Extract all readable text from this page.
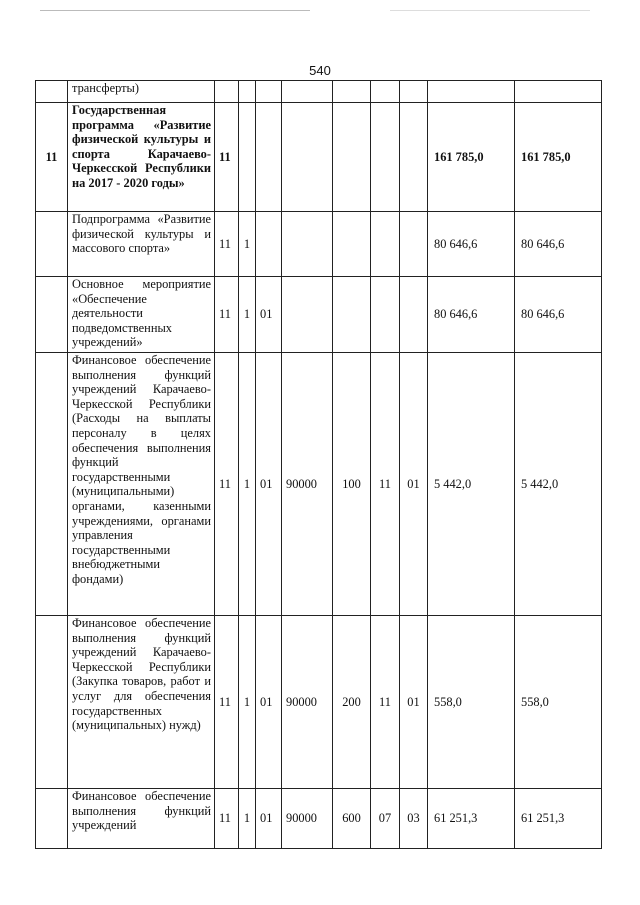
540
	трансферты)									
11	Государственная программа «Развитие физической культуры и спорта Карачаево-Черкесской Республики на 2017 - 2020 годы»	11							161 785,0	161 785,0
	Подпрограмма «Развитие физической культуры и массового спорта»	11	1						80 646,6	80 646,6
	Основное мероприятие «Обеспечение деятельности подведомственных учреждений»	11	1	01					80 646,6	80 646,6
	Финансовое обеспечение выполнения функций учреждений Карачаево-Черкесской Республики (Расходы на выплаты персоналу в целях обеспечения выполнения функций государственными (муниципальными) органами, казенными учреждениями, органами управления государственными внебюджетными фондами)	11	1	01	90000	100	11	01	5 442,0	5 442,0
	Финансовое обеспечение выполнения функций учреждений Карачаево-Черкесской Республики (Закупка товаров, работ и услуг для обеспечения государственных (муниципальных) нужд)	11	1	01	90000	200	11	01	558,0	558,0
	Финансовое обеспечение выполнения функций учреждений	11	1	01	90000	600	07	03	61 251,3	61 251,3
